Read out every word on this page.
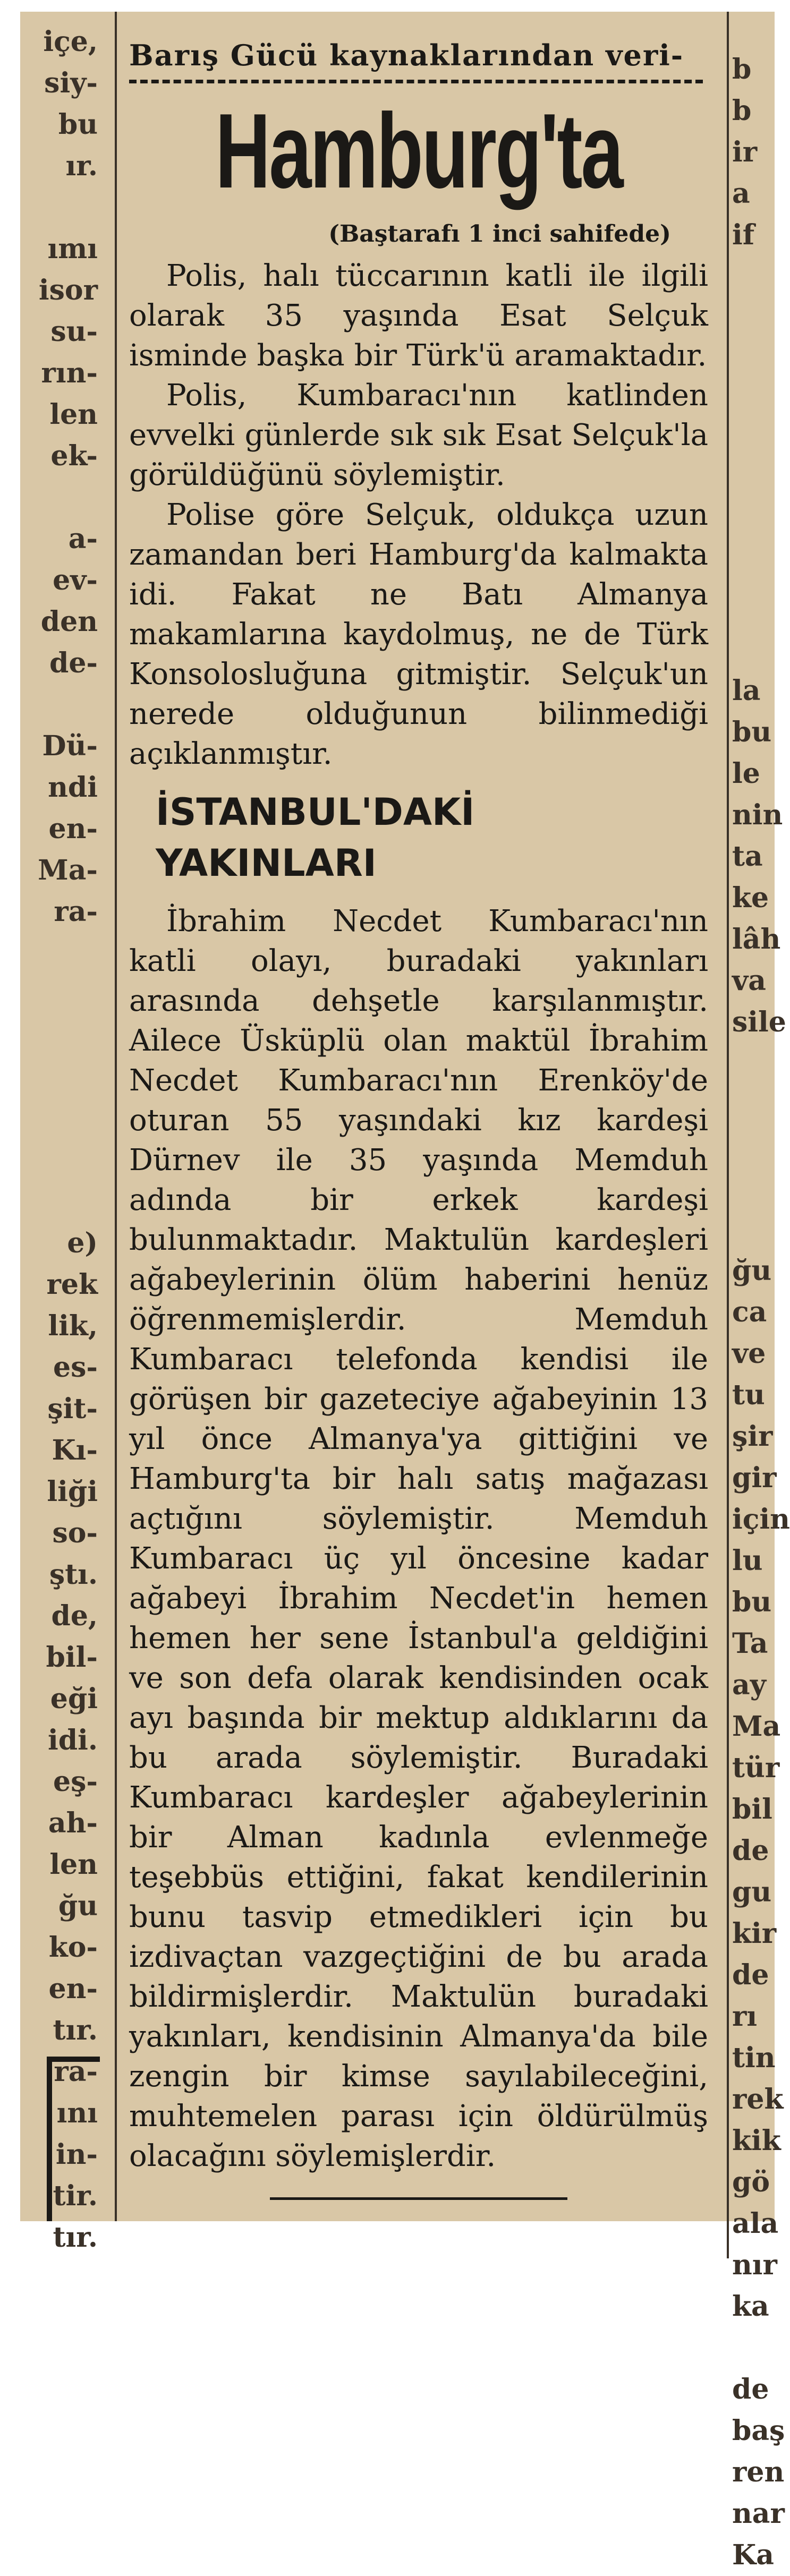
içe,
siy-
bu
ır.
ımı
isor
su-
rın-
len
ek-
a-
ev-
den
de-
Dü-
ndi
en-
Ma-
ra-
e)
rek
lik,
es-
şit-
Kı-
liği
so-
ştı.
de,
bil-
eği
idi.
eş-
ah-
len
ğu
ko-
en-
tır.
ra-
ını
in-
tir.
tır.
Barış Gücü kaynaklarından veri-
Hamburg'ta
(Baştarafı 1 inci sahifede)

Polis, halı tüccarının katli ile ilgili olarak 35 yaşında Esat Selçuk isminde başka bir Türk'ü aramaktadır.

Polis, Kumbaracı'nın katlinden evvelki günlerde sık sık Esat Selçuk'la görüldüğünü söylemiştir.

Polise göre Selçuk, oldukça uzun zamandan beri Hamburg'da kalmakta idi. Fakat ne Batı Almanya makamlarına kaydolmuş, ne de Türk Konsolosluğuna gitmiştir. Selçuk'un nerede olduğunun bilinmediği açıklanmıştır.

İSTANBUL'DAKİ
YAKINLARI

İbrahim Necdet Kumbaracı'nın katli olayı, buradaki yakınları arasında dehşetle karşılanmıştır. Ailece Üsküplü olan maktül İbrahim Necdet Kumbaracı'nın Erenköy'de oturan 55 yaşındaki kız kardeşi Dürnev ile 35 yaşında Memduh adında bir erkek kardeşi bulunmaktadır. Maktulün kardeşleri ağabeylerinin ölüm haberini henüz öğrenmemişlerdir. Memduh Kumbaracı telefonda kendisi ile görüşen bir gazeteciye ağabeyinin 13 yıl önce Almanya'ya gittiğini ve Hamburg'ta bir halı satış mağazası açtığını söylemiştir. Memduh Kumbaracı üç yıl öncesine kadar ağabeyi İbrahim Necdet'in hemen hemen her sene İstanbul'a geldiğini ve son defa olarak kendisinden ocak ayı başında bir mektup aldıklarını da bu arada söylemiştir. Buradaki Kumbaracı kardeşler ağabeylerinin bir Alman kadınla evlenmeğe teşebbüs ettiğini, fakat kendilerinin bunu tasvip etmedikleri için bu izdivaçtan vazgeçtiğini de bu arada bildirmişlerdir. Maktulün buradaki yakınları, kendisinin Almanya'da bile zengin bir kimse sayılabileceğini, muhtemelen parası için öldürülmüş olacağını söylemişlerdir.

b
b
ir
a
if
la
bu
le
nin
ta
ke
lâh
va
sile
ğu
ca
ve
tu
şir
gir
için
lu
bu
Ta
ay
Ma
tür
bil
de
gu
kir
de
rı
tin
rek
kik
gö
ala
nır
ka
de
baş
ren
nar
Ka
